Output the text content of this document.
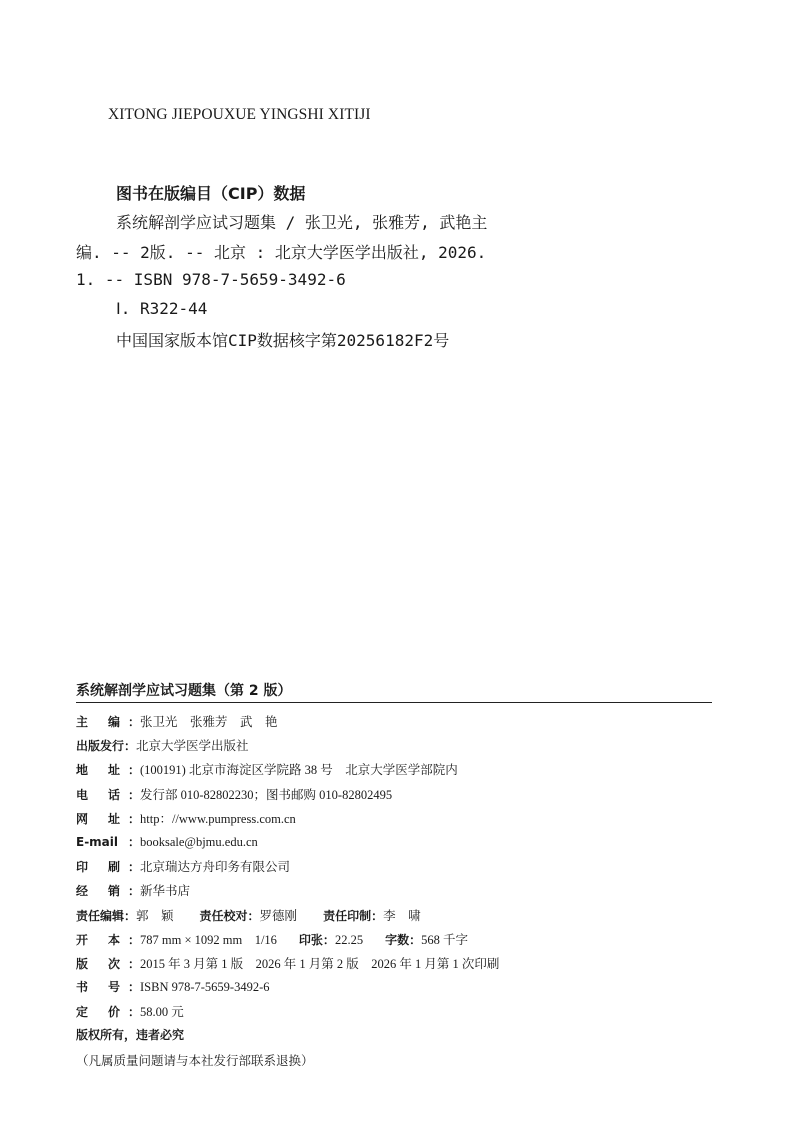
XITONG JIEPOUXUE YINGSHI XITIJI
图书在版编目（CIP）数据
系统解剖学应试习题集 / 张卫光, 张雅芳, 武艳主
编. -- 2版. -- 北京 : 北京大学医学出版社, 2026.
1. -- ISBN 978-7-5659-3492-6
Ⅰ. R322-44
中国国家版本馆CIP数据核字第20256182F2号
系统解剖学应试习题集（第 2 版）
主 编： 张卫光　张雅芳　武　艳
出版发行： 北京大学医学出版社
地 址： (100191) 北京市海淀区学院路 38 号　北京大学医学部院内
电 话： 发行部 010-82802230；图书邮购 010-82802495
网 址： http：//www.pumpress.com.cn
E-mail： booksale@bjmu.edu.cn
印 刷： 北京瑞达方舟印务有限公司
经 销： 新华书店
责任编辑： 郭　颖 责任校对： 罗德刚 责任印制： 李　啸
开 本： 787 mm × 1092 mm　1/16 印张： 22.25 字数： 568 千字
版 次： 2015 年 3 月第 1 版　2026 年 1 月第 2 版　2026 年 1 月第 1 次印刷
书 号： ISBN 978-7-5659-3492-6
定 价： 58.00 元
版权所有，违者必究
（凡属质量问题请与本社发行部联系退换）
